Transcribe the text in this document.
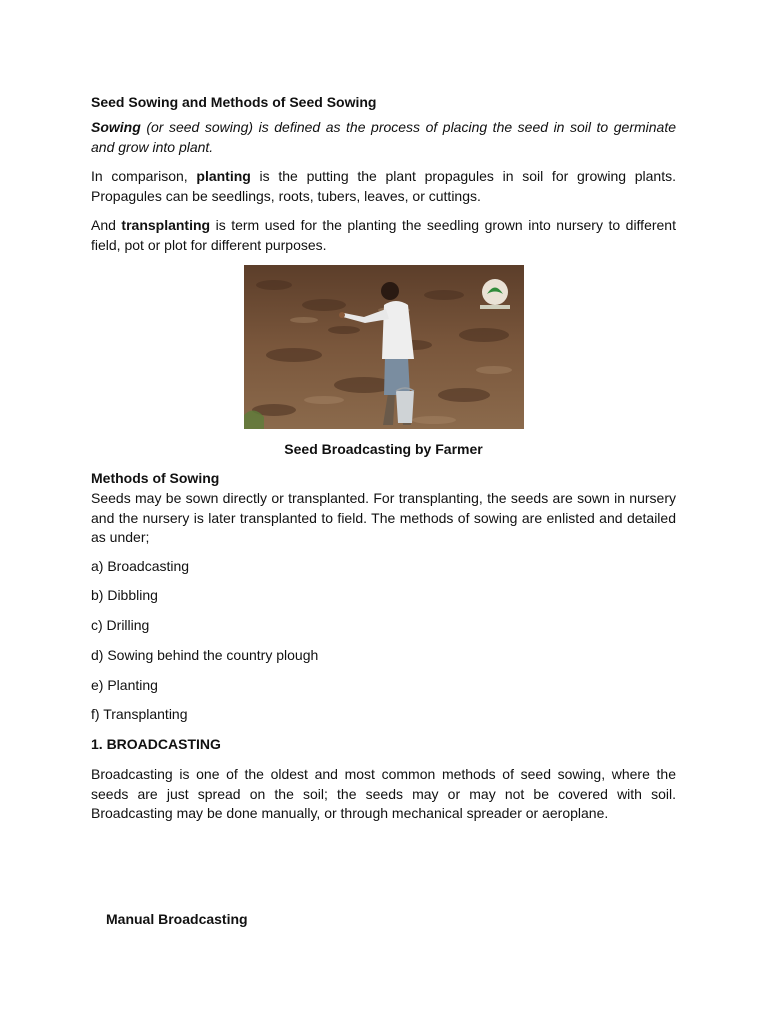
Seed Sowing and Methods of Seed Sowing

Sowing (or seed sowing) is defined as the process of placing the seed in soil to germinate and grow into plant.

In comparison, planting is the putting the plant propagules in soil for growing plants. Propagules can be seedlings, roots, tubers, leaves, or cuttings.

And transplanting is term used for the planting the seedling grown into nursery to different field, pot or plot for different purposes.

Seed Broadcasting by Farmer

Methods of Sowing

Seeds may be sown directly or transplanted. For transplanting, the seeds are sown in nursery and the nursery is later transplanted to field. The methods of sowing are enlisted and detailed as under;

a) Broadcasting

b) Dibbling

c) Drilling

d) Sowing behind the country plough

e) Planting

f) Transplanting

1. BROADCASTING

Broadcasting is one of the oldest and most common methods of seed sowing, where the seeds are just spread on the soil; the seeds may or may not be covered with soil. Broadcasting may be done manually, or through mechanical spreader or aeroplane.

Manual Broadcasting
